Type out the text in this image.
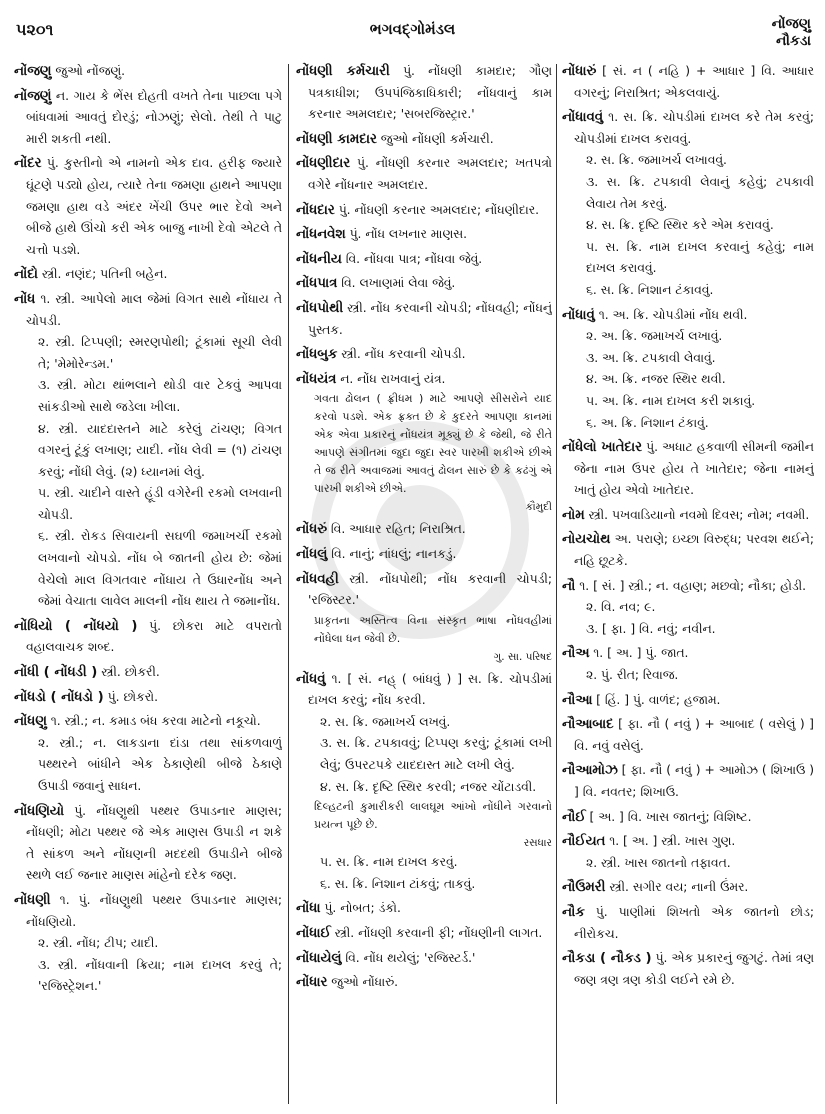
૫૨૦૧	ભગવદ્ગોમંડલ	નોંજણુ
નૌકડા
નોંજણુ જુઓ નોંજણું.
નોંજણું ન. ગાય કે ભેંસ દોહતી વખતે તેના પાછલા પગે બાંધવામાં આવતું દોરડું; નોઝણું; સેલો. તેથી તે પાટુ મારી શકતી નથી.
નોંદર પું. કુસ્તીનો એ નામનો એક દાવ. હરીફ જ્યારે ઘૂંટણે પડ્યો હોય, ત્યારે તેના જમણા હાથને આપણા જમણા હાથ વડે અંદર ખેંચી ઉપર ભાર દેવો અને બીજે હાથે ઊંચો કરી એક બાજુ નાખી દેવો એટલે તે ચત્તો પડશે.
નોંદો સ્ત્રી. નણંદ; પતિની બહેન.
નોંધ ૧. સ્ત્રી. આપેલો માલ જેમાં વિગત સાથે નોંધાય તે ચોપડી.
૨. સ્ત્રી. ટિપ્પણી; સ્મરણપોથી; ટૂંકામાં સૂચી લેવી તે; 'મેમોરેન્ડમ.'
૩. સ્ત્રી. મોટા થાંભલાને થોડી વાર ટેકવું આપવા સાંકડીઓ સાથે જડેલા ખીલા.
૪. સ્ત્રી. યાદદાસ્તને માટે કરેલું ટાંચણ; વિગત વગરનું ટૂંકું લખાણ; યાદી. નોંધ લેવી = (૧) ટાંચણ કરવું; નોંધી લેવું. (૨) ધ્યાનમાં લેવું.
૫. સ્ત્રી. ચાદીને વાસ્તે હૂંડી વગેરેની રકમો લખવાની ચોપડી.
૬. સ્ત્રી. રોકડ સિવાયની સઘળી જમાખર્ચી રકમો લખવાનો ચોપડો. નોંધ બે જાતની હોય છે: જેમાં વેચેલો માલ વિગતવાર નોંધાય તે ઉધારનોંધ અને જેમાં વેચાતા લાવેલ માલની નોંધ થાય તે જમાનોંધ.
નોંધિયો ( નોંધયો ) પું. છોકરા માટે વપરાતો વહાલવાચક શબ્દ.
નોંધી ( નોંધડી ) સ્ત્રી. છોકરી.
નોંધડો ( નોંધડો ) પું. છોકરો.
નોંધણુ ૧. સ્ત્રી.; ન. કમાડ બંધ કરવા માટેનો નકૂચો.
૨. સ્ત્રી.; ન. લાકડાના દાંડા તથા સાંકળવાળું પથ્થરને બાંધીને એક ઠેકાણેથી બીજે ઠેકાણે ઉપાડી જવાનું સાધન.
નોંધણિયો પું. નોંધણુથી પથ્થર ઉપાડનાર માણસ; નોંધણી; મોટા પથ્થર જે એક માણસ ઉપાડી ન શકે તે સાંકળ અને નોંધણની મદદથી ઉપાડીને બીજે સ્થળે લઈ જનાર માણસ માંહેનો દરેક જણ.
નોંધણી ૧. પું. નોંધણુથી પથ્થર ઉપાડનાર માણસ; નોંધણિયો.
૨. સ્ત્રી. નોંધ; ટીપ; યાદી.
૩. સ્ત્રી. નોંધવાની ક્રિયા; નામ દાખલ કરવું તે; 'રજિસ્ટ્રેશન.'
નોંધણી કર્મચારી પું. નોંધણી કામદાર; ગૌણ પત્રકાધીશ; ઉપપંજિકાધિકારી; નોંધવાનું કામ કરનાર અમલદાર; 'સબરજિસ્ટ્રાર.'
નોંધણી કામદાર જુઓ નોંધણી કર્મચારી.
નોંધણીદાર પું. નોંધણી કરનાર અમલદાર; ખતપત્રો વગેરે નોંધનાર અમલદાર.
નોંધદાર પું. નોંધણી કરનાર અમલદાર; નોંધણીદાર.
નોંધનવેશ પું. નોંધ લખનાર માણસ.
નોંધનીય વિ. નોંધવા પાત્ર; નોંધવા જેવું.
નોંધપાત્ર વિ. લખાણમાં લેવા જેવું.
નોંધપોથી સ્ત્રી. નોંધ કરવાની ચોપડી; નોંધવહી; નોંધનું પુસ્તક.
નોંધબુક સ્ત્રી. નોંધ કરવાની ચોપડી.
નોંધયંત્ર ન. નોંધ રાખવાનું યંત્ર.
ગવતા ઢોલન ( ફ્રીધમ ) માટે આપણે સીસરોને યાદ કરવો પડશે. એક ફ્રક્ત છે કે કુદરતે આપણા કાનમાં એક એવા પ્રકારનું નોંધયંત્ર મૂક્યું છે કે જેથી, જે રીતે આપણે સંગીતમાં જુદા જુદા સ્વર પારખી શકીએ છીએ તે જ રીતે અવાજમાં આવતું ઢોલન સારું છે કે કઢંગું એ પારખી શકીએ છીએ.
કૌમુદી
નોંધરું વિ. આધાર રહિત; નિરાશ્રિત.
નોંધલું વિ. નાનું; નાંધલું; નાનકડું.
નોંધવહી સ્ત્રી. નોંધપોથી; નોંધ કરવાની ચોપડી; 'રજિસ્ટર.'
પ્રાકૃતના અસ્તિત્વ વિના સંસ્કૃત ભાષા નોંધવહીમાં નોંધેલા ધન જેવી છે.
ગુ. સા. પરિષદ
નોંધવું ૧. [ સં. નહ્ ( બાંધવું ) ] સ. ક્રિ. ચોપડીમાં દાખલ કરવું; નોંધ કરવી.
૨. સ. ક્રિ. જમાખર્ચ લખવું.
૩. સ. ક્રિ. ટપકાવવું; ટિપ્પણ કરવું; ટૂંકામાં લખી લેવું; ઉપરટપકે યાદદાસ્ત માટે લખી લેવું.
૪. સ. ક્રિ. દૃષ્ટિ સ્થિર કરવી; નજર ચોંટાડવી.
દિલ્હટની કુમારીકરી લાલઘૂમ આંખો નોંધીને ગરવાનો પ્રયત્ન પૂછે છે.
રસધાર
૫. સ. ક્રિ. નામ દાખલ કરવું.
૬. સ. ક્રિ. નિશાન ટાંકવું; તાકવું.
નોંધા પું. નોબત; ડંકો.
નોંધાઈ સ્ત્રી. નોંધણી કરવાની ફી; નોંધણીની લાગત.
નોંધાયેલું વિ. નોંધ થયેલું; 'રજિસ્ટર્ડ.'
નોંધાર જુઓ નોંધારું.
નોંધારું [ સં. ન ( નહિ ) + આધાર ] વિ. આધાર વગરનું; નિરાશ્રિત; એકલવાયું.
નોંધાવવું ૧. સ. ક્રિ. ચોપડીમાં દાખલ કરે તેમ કરવું; ચોપડીમાં દાખલ કરાવવું.
૨. સ. ક્રિ. જમાખર્ચ લખાવવું.
૩. સ. ક્રિ. ટપકાવી લેવાનું કહેવું; ટપકાવી લેવાય તેમ કરવું.
૪. સ. ક્રિ. દૃષ્ટિ સ્થિર કરે એમ કરાવવું.
૫. સ. ક્રિ. નામ દાખલ કરવાનું કહેવું; નામ દાખલ કરાવવું.
૬. સ. ક્રિ. નિશાન ટંકાવવું.
નોંધાવું ૧. અ. ક્રિ. ચોપડીમાં નોંધ થવી.
૨. અ. ક્રિ. જમાખર્ચ લખાવું.
૩. અ. ક્રિ. ટપકાવી લેવાવું.
૪. અ. ક્રિ. નજર સ્થિર થવી.
૫. અ. ક્રિ. નામ દાખલ કરી શકાવું.
૬. અ. ક્રિ. નિશાન ટંકાવું.
નોંધેલો ખાતેદાર પું. અધાટ હકવાળી સીમની જમીન જેના નામ ઉપર હોય તે ખાતેદાર; જેના નામનું ખાતું હોય એવો ખાતેદાર.
નોમ સ્ત્રી. પખવાડિયાનો નવમો દિવસ; નોમ; નવમી.
નોયચોથ અ. પરાણે; ઇચ્છા વિરુદ્ધ; પરવશ થઈને; નહિ છૂટકે.
નૌ ૧. [ સં. ] સ્ત્રી.; ન. વહાણ; મછવો; નૌકા; હોડી.
૨. વિ. નવ; ૯.
૩. [ ફા. ] વિ. નવું; નવીન.
નૌઅ ૧. [ અ. ] પું. જાત.
૨. પું. રીત; રિવાજ.
નૌઆ [ હિં. ] પું. વાળંદ; હજામ.
નૌઆબાદ [ ફા. નૌ ( નવું ) + આબાદ ( વસેલું ) ] વિ. નવું વસેલું.
નૌઆમોઝ [ ફા. નૌ ( નવું ) + આમોઝ ( શિખાઉ ) ] વિ. નવતર; શિખાઉ.
નૌઈ [ અ. ] વિ. ખાસ જાતનું; વિશિષ્ટ.
નૌઈયત ૧. [ અ. ] સ્ત્રી. ખાસ ગુણ.
૨. સ્ત્રી. ખાસ જાતનો તફાવત.
નૌઉમરી સ્ત્રી. સગીર વય; નાની ઉંમર.
નૌક પું. પાણીમાં શિખતો એક જાતનો છોડ; નીરોકચ.
નૌકડા ( નૌકડ ) પું. એક પ્રકારનું જુગટું. તેમાં ત્રણ જણ ત્રણ ત્રણ કોડી લઈને રમે છે.
